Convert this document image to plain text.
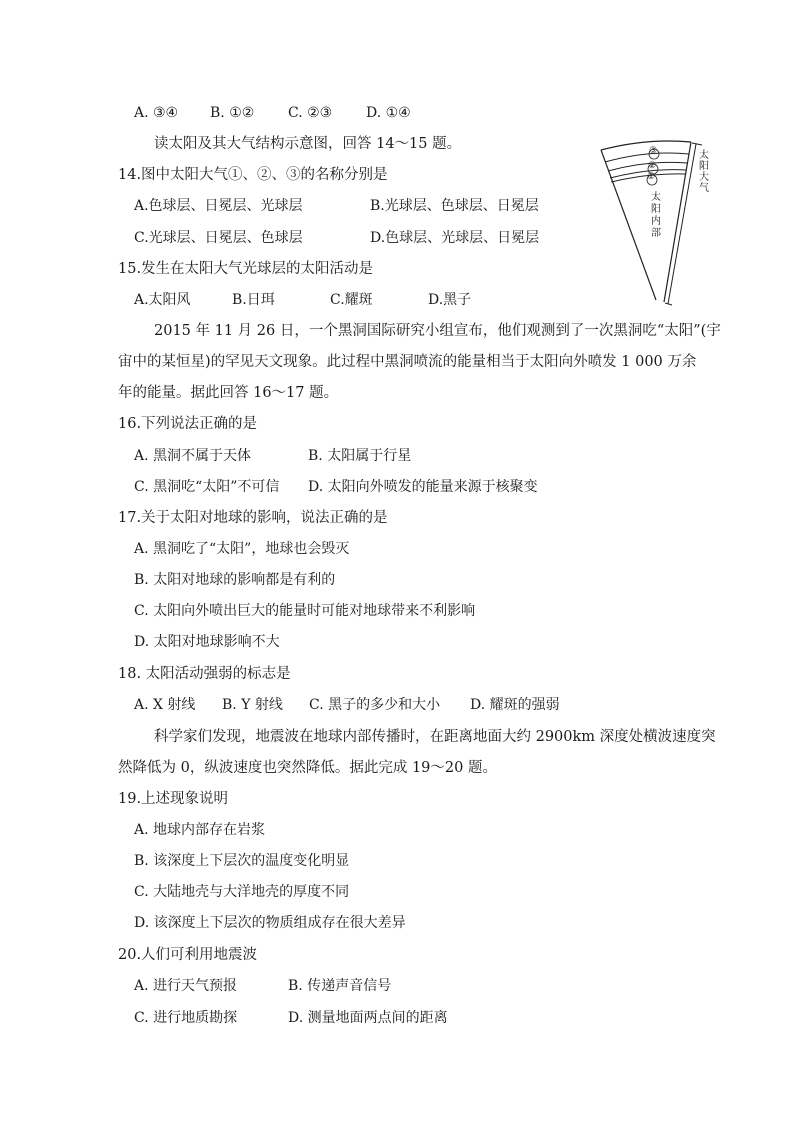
A. ③④ B. ①② C. ②③ D. ①④
读太阳及其大气结构示意图，回答 14～15 题。	③
②
①
太阳大气
太阳内部
14.图中太阳大气①、②、③的名称分别是
A.色球层、日冕层、光球层	B.光球层、色球层、日冕层
C.光球层、日冕层、色球层	D.色球层、光球层、日冕层
15.发生在太阳大气光球层的太阳活动是
A.太阳风	B.日珥	C.耀斑	D.黑子
2015 年 11 月 26 日，一个黑洞国际研究小组宣布，他们观测到了一次黑洞吃“太阳”(宇
宙中的某恒星)的罕见天文现象。此过程中黑洞喷流的能量相当于太阳向外喷发 1 000 万余
年的能量。据此回答 16～17 题。
16.下列说法正确的是
A. 黑洞不属于天体	B. 太阳属于行星
C. 黑洞吃“太阳”不可信 D. 太阳向外喷发的能量来源于核聚变
17.关于太阳对地球的影响，说法正确的是
A. 黑洞吃了“太阳”，地球也会毁灭
B. 太阳对地球的影响都是有利的
C. 太阳向外喷出巨大的能量时可能对地球带来不利影响
D. 太阳对地球影响不大
18. 太阳活动强弱的标志是
A. X 射线 B. Y 射线 C. 黑子的多少和大小 D. 耀斑的强弱
科学家们发现，地震波在地球内部传播时，在距离地面大约 2900km 深度处横波速度突
然降低为 0，纵波速度也突然降低。据此完成 19～20 题。
19.上述现象说明
A. 地球内部存在岩浆
B. 该深度上下层次的温度变化明显
C. 大陆地壳与大洋地壳的厚度不同
D. 该深度上下层次的物质组成存在很大差异
20.人们可利用地震波
A. 进行天气预报	B. 传递声音信号
C. 进行地质勘探	D. 测量地面两点间的距离
